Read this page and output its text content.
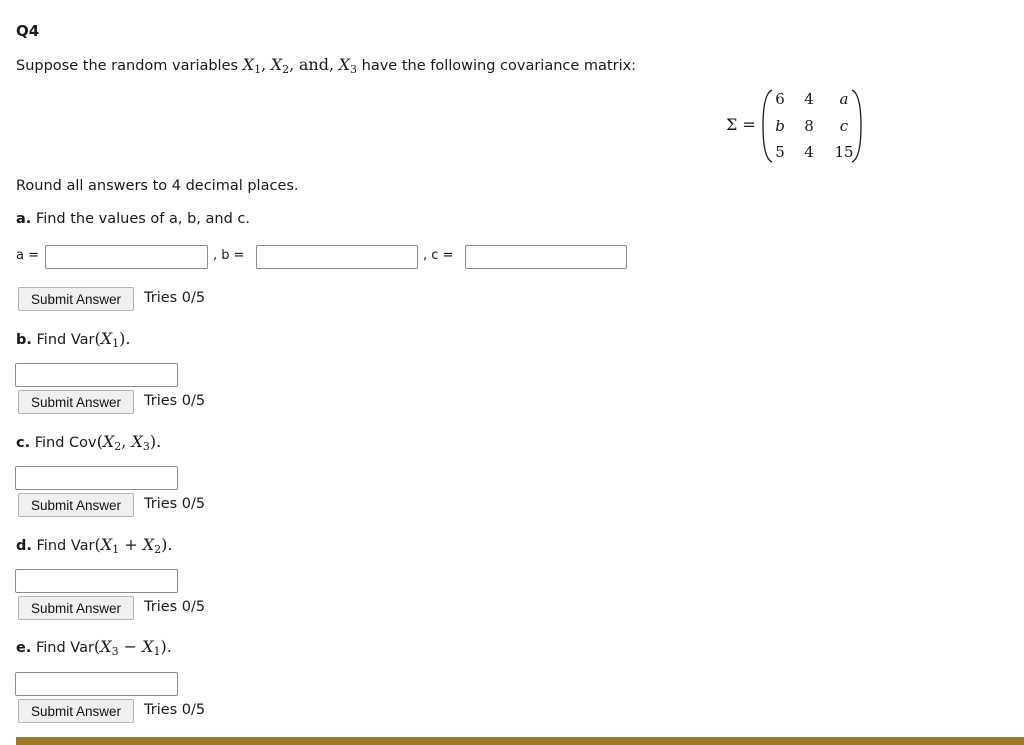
Q4
Suppose the random variables $X_1$, $X_2$, and, $X_3$ have the following covariance matrix:
Σ =
6	4	a
b	8	c
5	4	15
Round all answers to 4 decimal places.
a. Find the values of a, b, and c.
a =	, b =	, c =
Submit Answer	Tries 0/5
b. Find $Var(X_1)$.
Submit Answer	Tries 0/5
c. Find $Cov(X_2$, $X_3$).
Submit Answer	Tries 0/5
d. Find $Var(X_1 + X_2)$.
Submit Answer	Tries 0/5
e. Find $Var(X_3 - X_1)$.
Submit Answer	Tries 0/5
